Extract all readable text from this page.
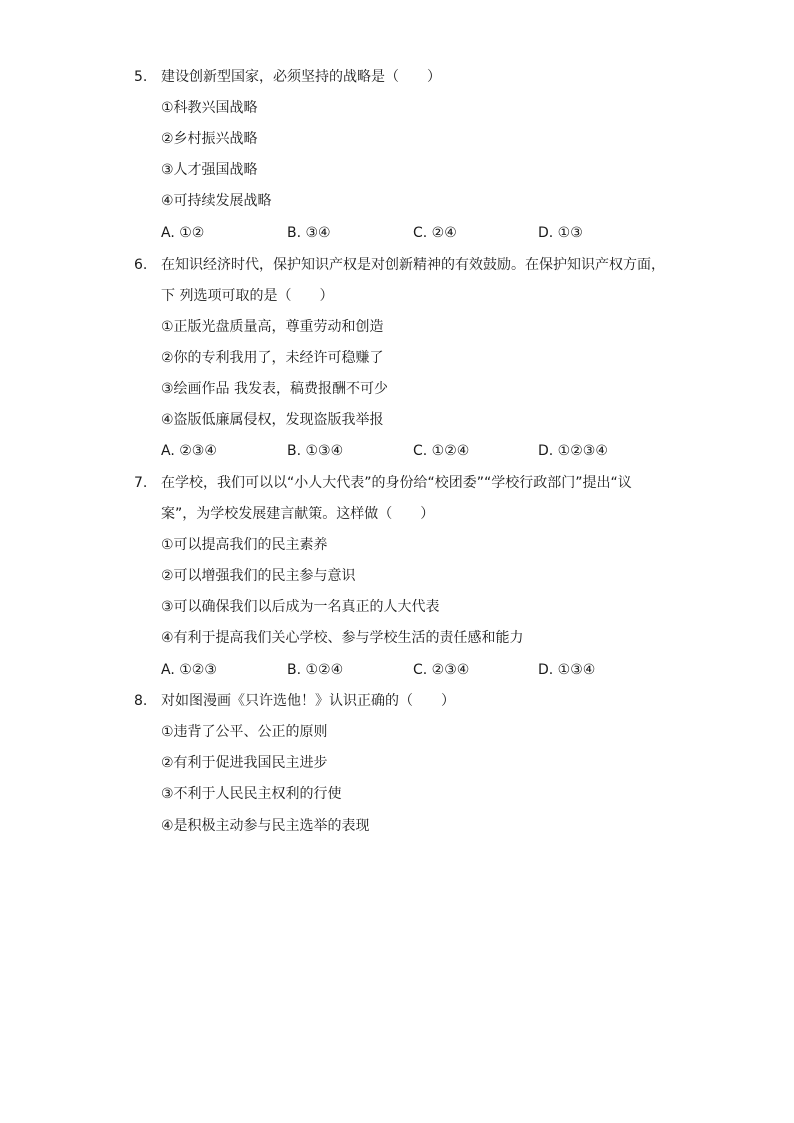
5. 建设创新型国家，必须坚持的战略是（　　）
①科教兴国战略
②乡村振兴战略
③人才强国战略
④可持续发展战略
A. ①②	B. ③④	C. ②④	D. ①③
6. 在知识经济时代，保护知识产权是对创新精神的有效鼓励。在保护知识产权方面，
下 列选项可取的是（　　）
①正版光盘质量高，尊重劳动和创造
②你的专利我用了，未经许可稳赚了
③绘画作品 我发表，稿费报酬不可少
④盗版低廉属侵权，发现盗版我举报
A. ②③④	B. ①③④	C. ①②④	D. ①②③④
7. 在学校，我们可以以“小人大代表”的身份给“校团委”“学校行政部门”提出“议
案”，为学校发展建言献策。这样做（　　）
①可以提高我们的民主素养
②可以增强我们的民主参与意识
③可以确保我们以后成为一名真正的人大代表
④有利于提高我们关心学校、参与学校生活的责任感和能力
A. ①②③	B. ①②④	C. ②③④	D. ①③④
8. 对如图漫画《只许选他！》认识正确的（　　）
①违背了公平、公正的原则
②有利于促进我国民主进步
③不利于人民民主权利的行使
④是积极主动参与民主选举的表现
